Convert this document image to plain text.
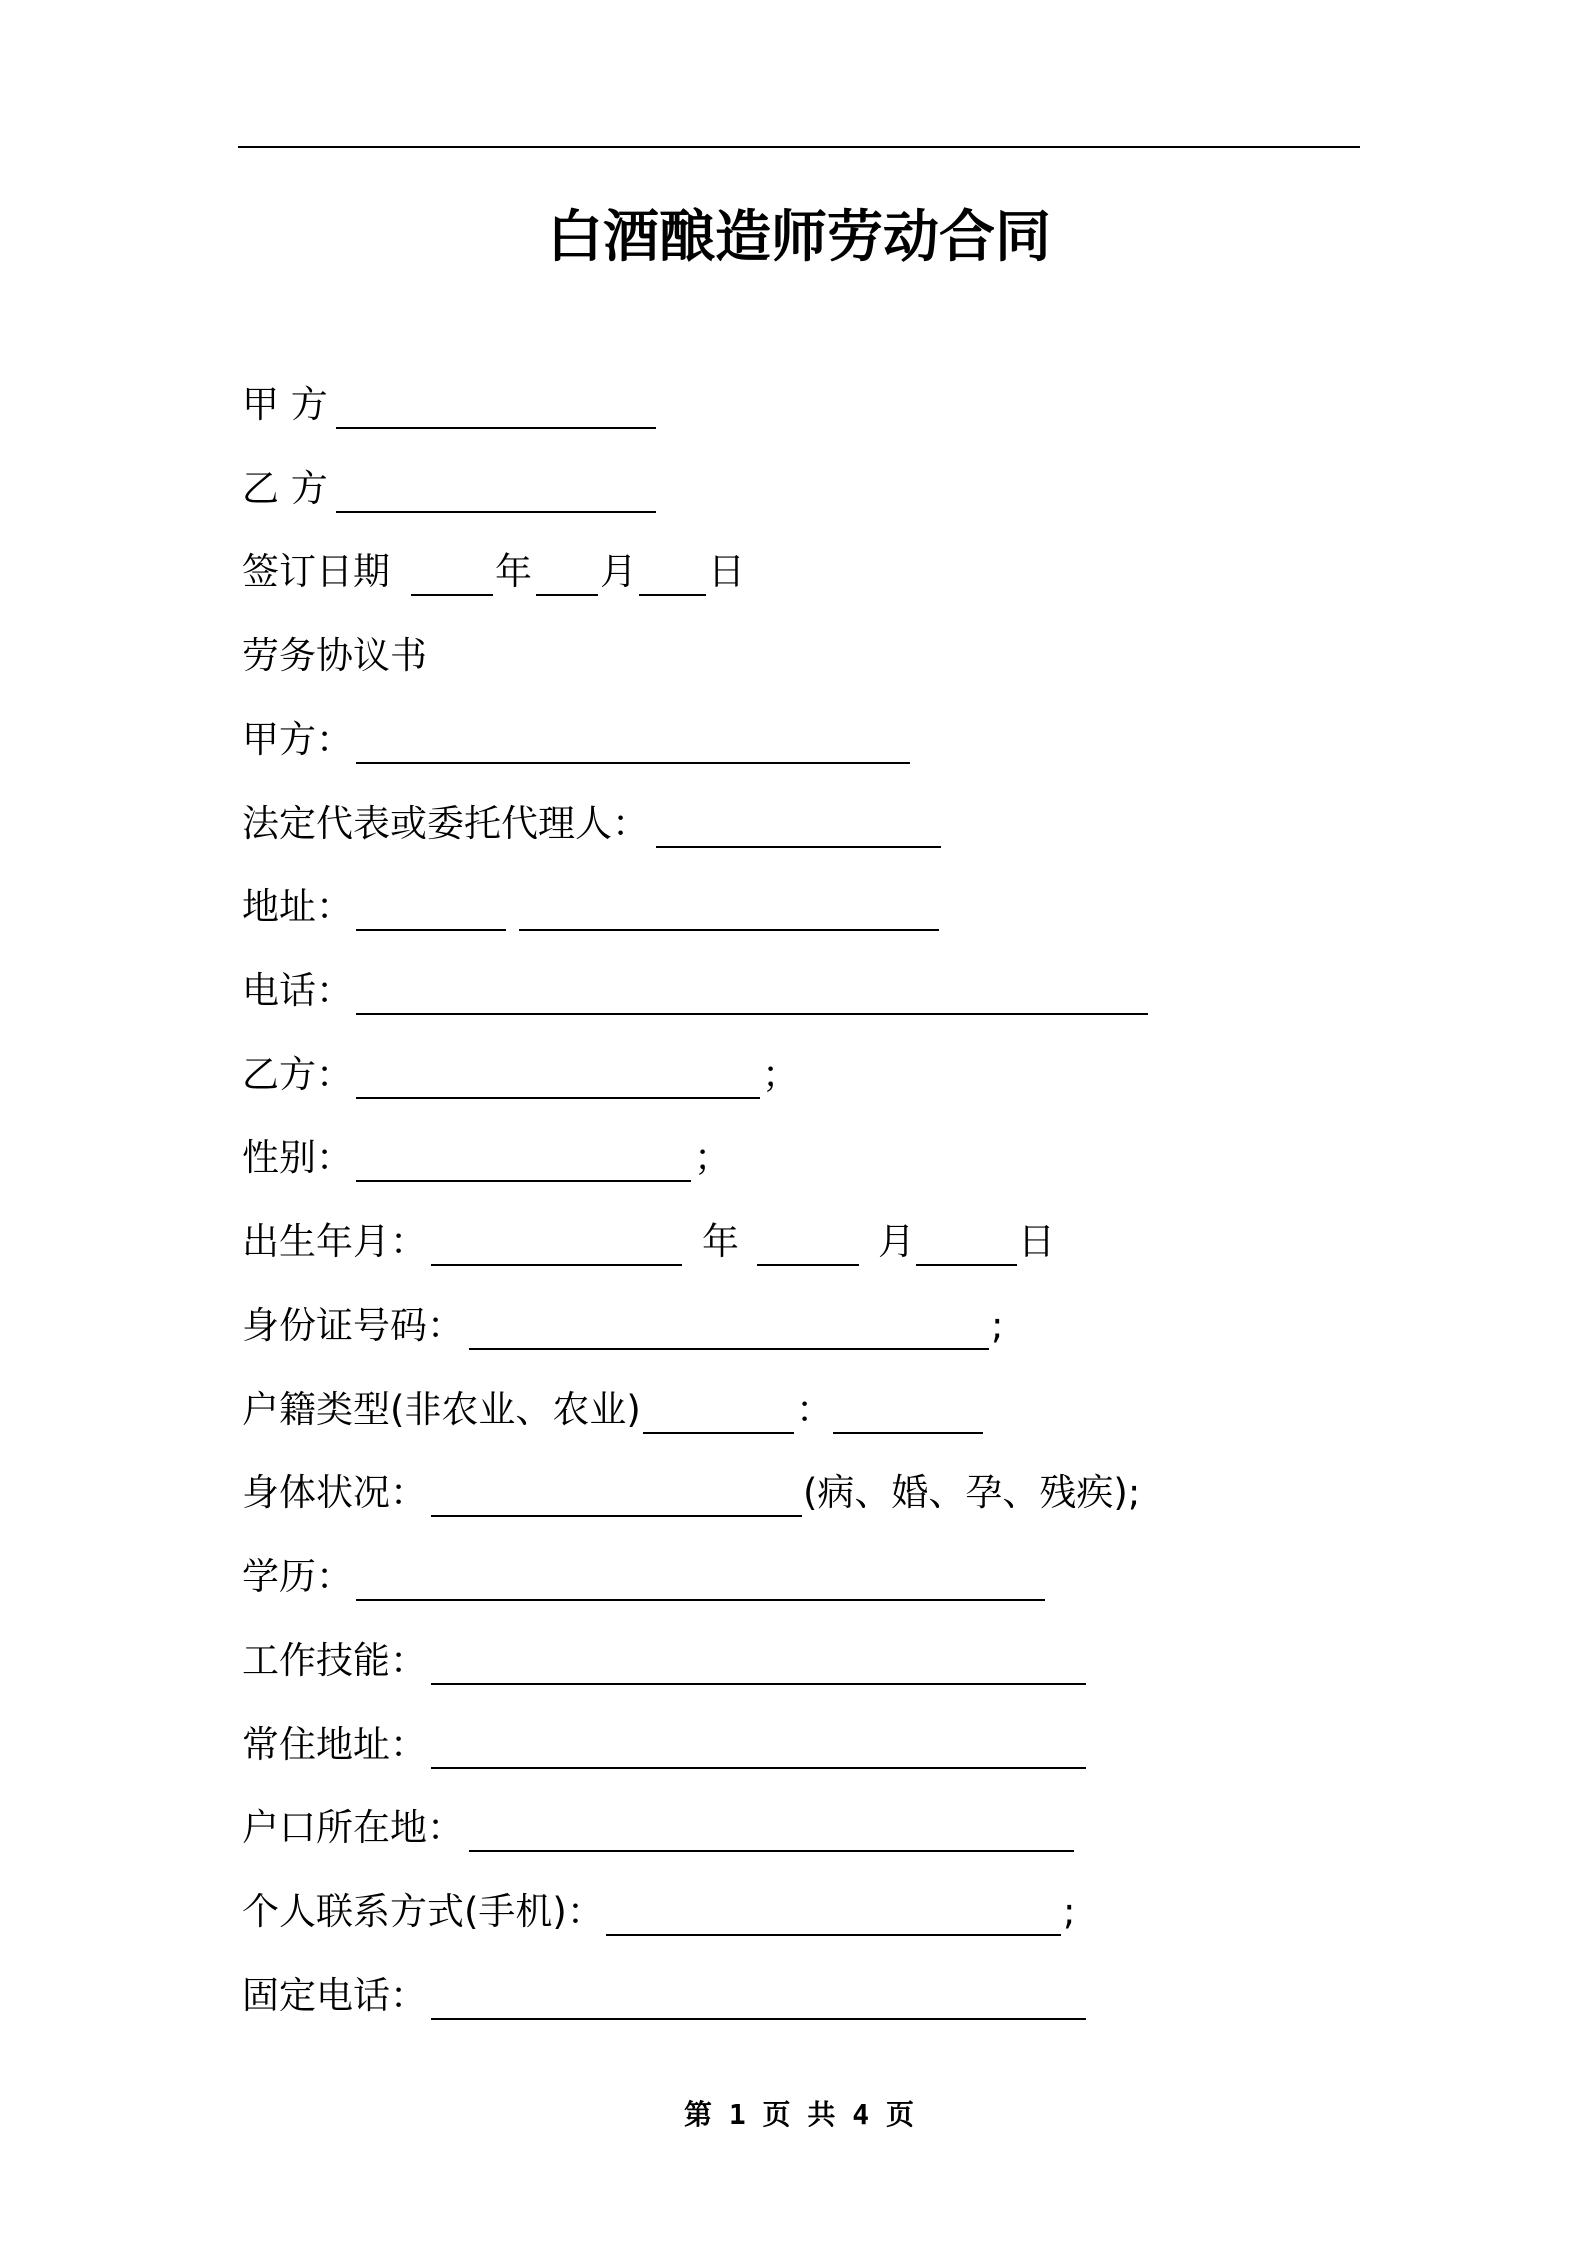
白酒酿造师劳动合同
甲 方
乙 方
签订日期	年 月 日
劳务协议书
甲方：
法定代表或委托代理人：
地址：
电话：
乙方：	；
性别：	；
出生年月：	年	月	日
身份证号码：	;
户籍类型(非农业、农业)	：
身体状况：	(病、婚、孕、残疾);
学历：
工作技能：
常住地址：
户口所在地：
个人联系方式(手机)：	;
固定电话：
第 1 页 共 4 页
